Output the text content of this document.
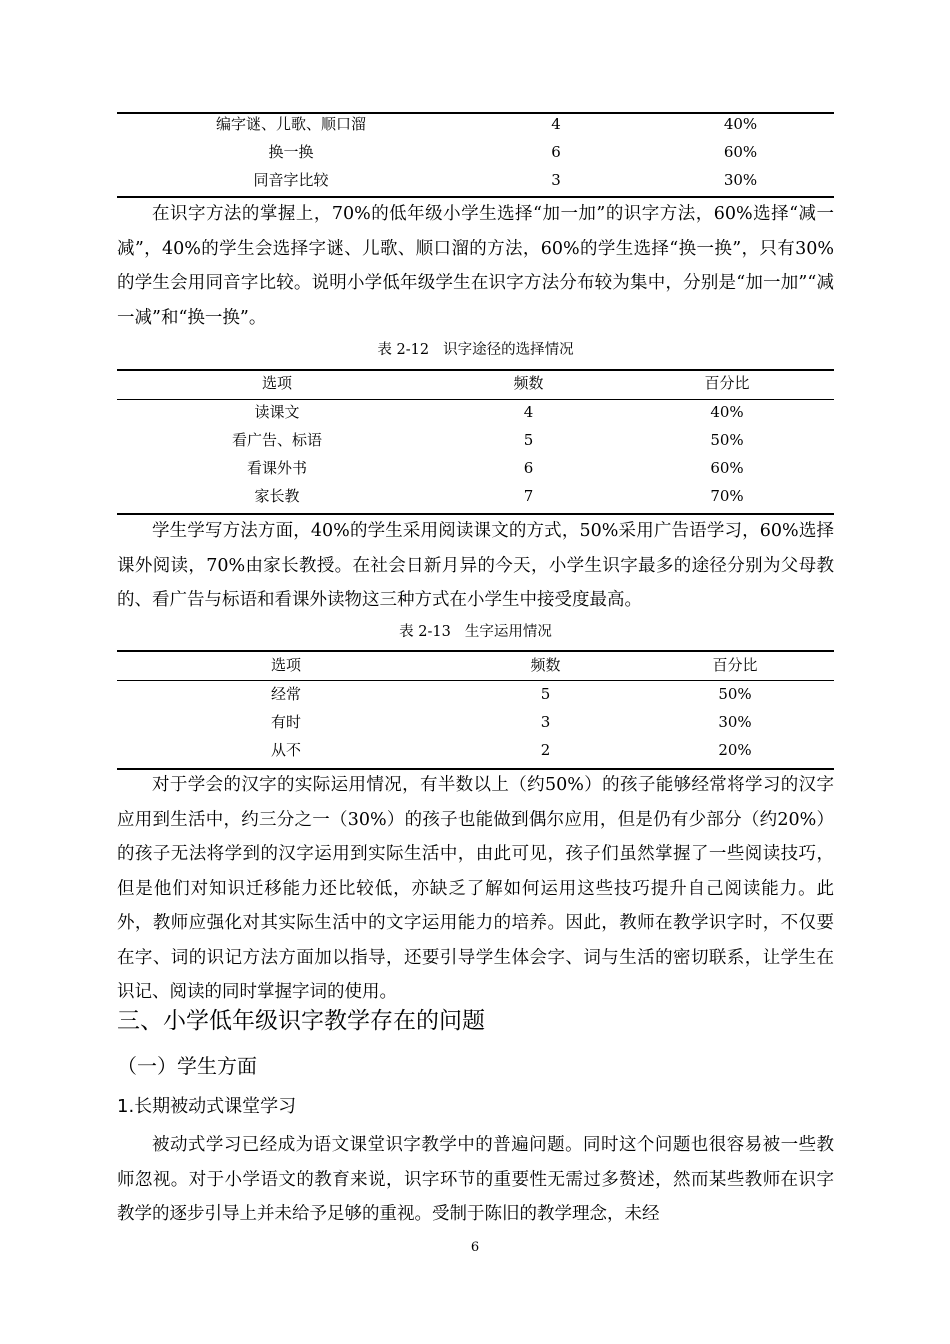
编字谜、儿歌、顺口溜	4	40%
换一换	6	60%
同音字比较	3	30%

在识字方法的掌握上，70%的低年级小学生选择“加一加”的识字方法，60%选择“减一减”，40%的学生会选择字谜、儿歌、顺口溜的方法，60%的学生选择“换一换”，只有30%的学生会用同音字比较。说明小学低年级学生在识字方法分布较为集中，分别是“加一加”“减一减”和“换一换”。

表 2-12 识字途径的选择情况
选项	频数	百分比
读课文	4	40%
看广告、标语	5	50%
看课外书	6	60%
家长教	7	70%

学生学写方法方面，40%的学生采用阅读课文的方式，50%采用广告语学习，60%选择课外阅读，70%由家长教授。在社会日新月异的今天，小学生识字最多的途径分别为父母教的、看广告与标语和看课外读物这三种方式在小学生中接受度最高。

表 2-13 生字运用情况
选项	频数	百分比
经常	5	50%
有时	3	30%
从不	2	20%

对于学会的汉字的实际运用情况，有半数以上（约50%）的孩子能够经常将学习的汉字应用到生活中，约三分之一（30%）的孩子也能做到偶尔应用，但是仍有少部分（约20%）的孩子无法将学到的汉字运用到实际生活中，由此可见，孩子们虽然掌握了一些阅读技巧，但是他们对知识迁移能力还比较低，亦缺乏了解如何运用这些技巧提升自己阅读能力。此外，教师应强化对其实际生活中的文字运用能力的培养。因此，教师在教学识字时，不仅要在字、词的识记方法方面加以指导，还要引导学生体会字、词与生活的密切联系，让学生在识记、阅读的同时掌握字词的使用。

三、小学低年级识字教学存在的问题
（一）学生方面
1.长期被动式课堂学习

被动式学习已经成为语文课堂识字教学中的普遍问题。同时这个问题也很容易被一些教师忽视。对于小学语文的教育来说，识字环节的重要性无需过多赘述，然而某些教师在识字教学的逐步引导上并未给予足够的重视。受制于陈旧的教学理念，未经

6
